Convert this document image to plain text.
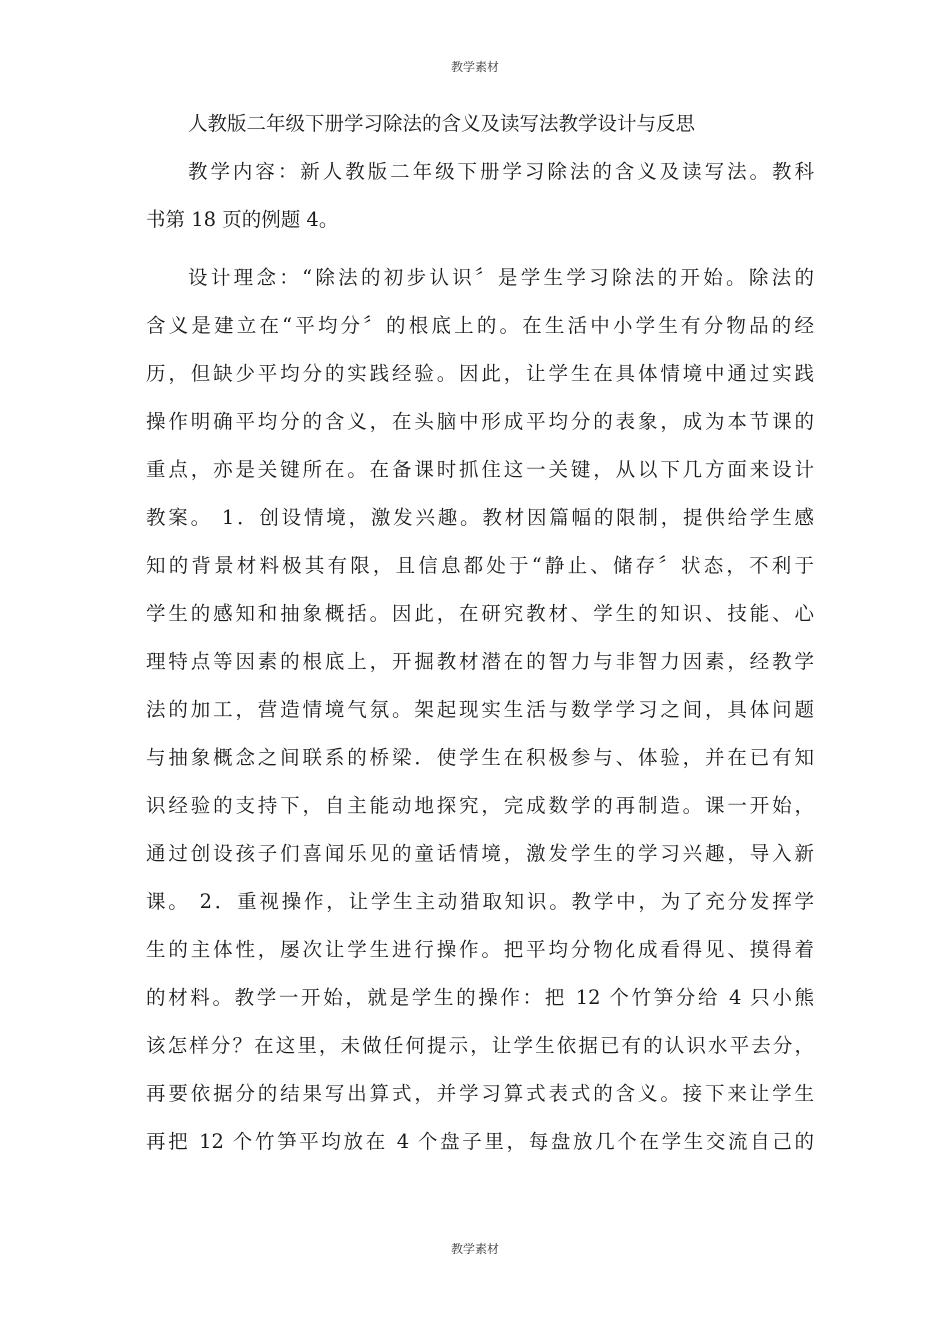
教学素材
人教版二年级下册学习除法的含义及读写法教学设计与反思
教学内容：新人教版二年级下册学习除法的含义及读写法。教科
书第 18 页的例题 4。
设计理念：“除法的初步认识〞是学生学习除法的开始。除法的
含义是建立在“平均分〞的根底上的。在生活中小学生有分物品的经
历，但缺少平均分的实践经验。因此，让学生在具体情境中通过实践
操作明确平均分的含义，在头脑中形成平均分的表象，成为本节课的
重点，亦是关键所在。在备课时抓住这一关键，从以下几方面来设计
教案。 1．创设情境，激发兴趣。教材因篇幅的限制，提供给学生感
知的背景材料极其有限，且信息都处于“静止、储存〞状态，不利于
学生的感知和抽象概括。因此，在研究教材、学生的知识、技能、心
理特点等因素的根底上，开掘教材潜在的智力与非智力因素，经教学
法的加工，营造情境气氛。架起现实生活与数学学习之间，具体问题
与抽象概念之间联系的桥梁．使学生在积极参与、体验，并在已有知
识经验的支持下，自主能动地探究，完成数学的再制造。课一开始，
通过创设孩子们喜闻乐见的童话情境，激发学生的学习兴趣，导入新
课。 2．重视操作，让学生主动猎取知识。教学中，为了充分发挥学
生的主体性，屡次让学生进行操作。把平均分物化成看得见、摸得着
的材料。教学一开始，就是学生的操作：把 12 个竹笋分给 4 只小熊
该怎样分？在这里，未做任何提示，让学生依据已有的认识水平去分，
再要依据分的结果写出算式，并学习算式表式的含义。接下来让学生
再把 12 个竹笋平均放在 4 个盘子里，每盘放几个在学生交流自己的
教学素材
